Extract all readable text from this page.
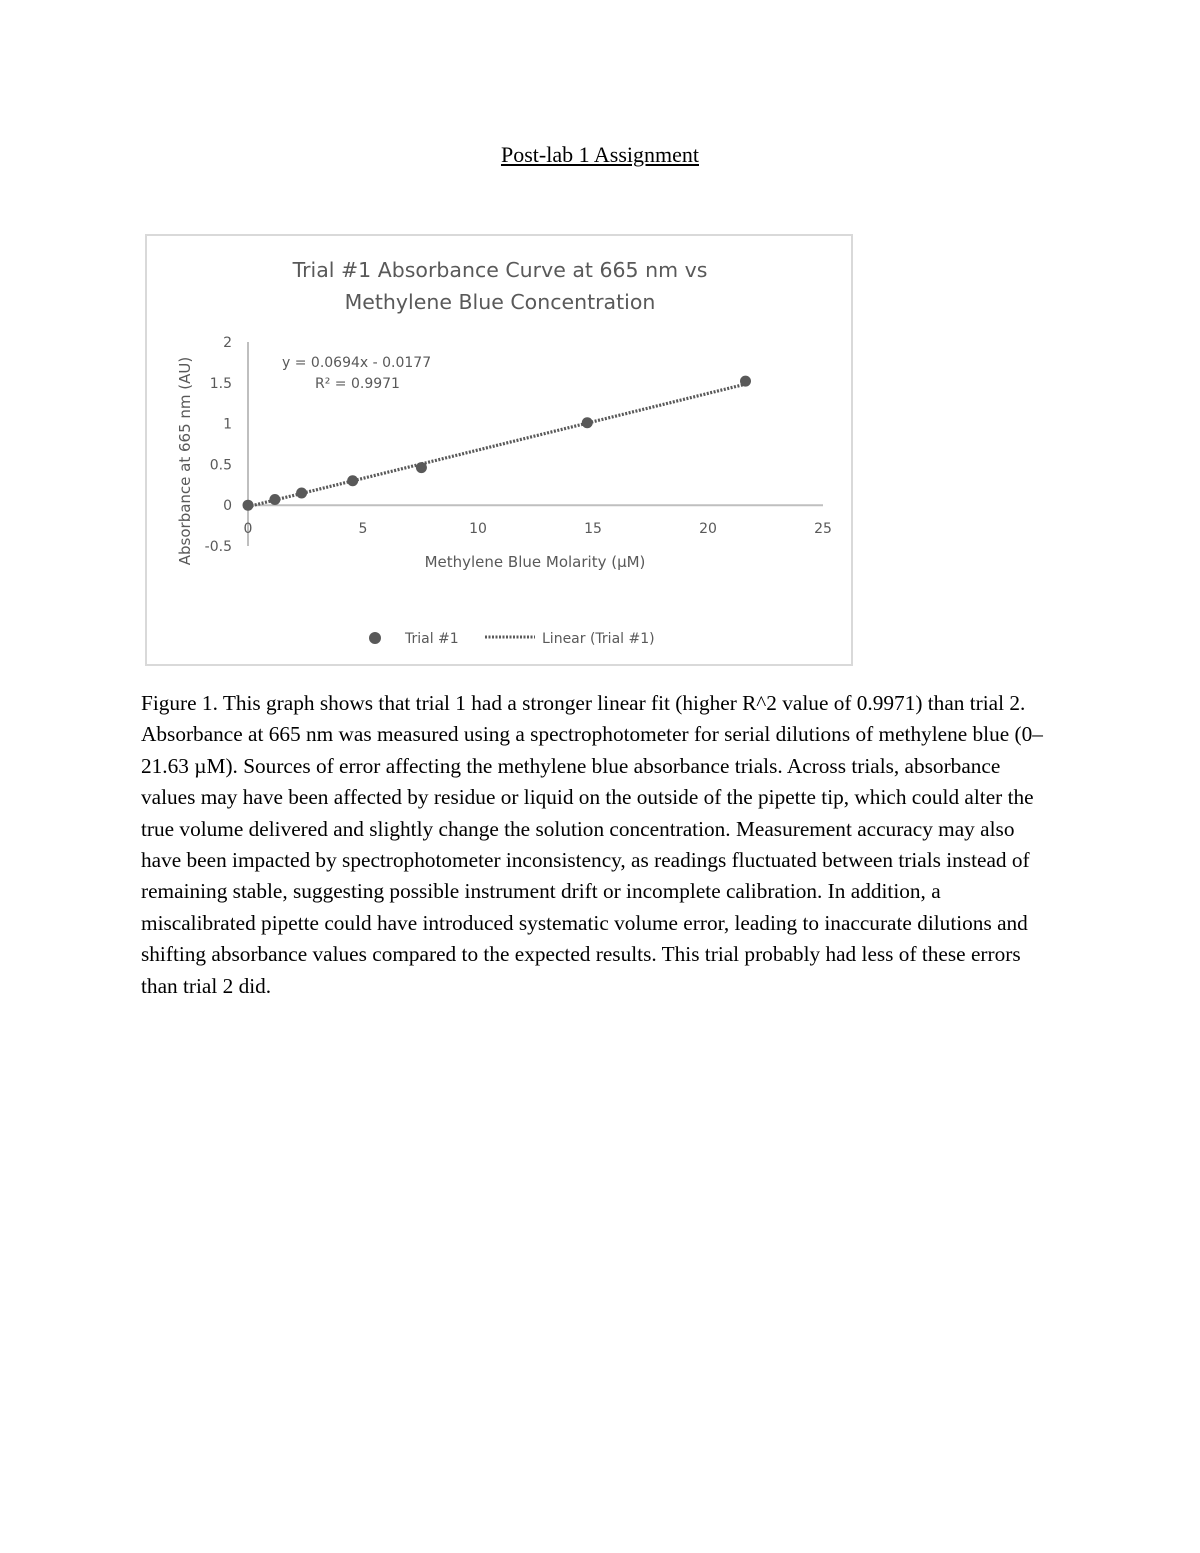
Post-lab 1 Assignment
Trial #1 Absorbance Curve at 665 nm vs
Methylene Blue Concentration
0	5	10	15	20	25
-0.5
0
0.5
1
1.5
2
y = 0.0694x - 0.0177
R² = 0.9971
Methylene Blue Molarity (µM)
Absorbance at 665 nm (AU)
Trial #1	Linear (Trial #1)

Figure 1. This graph shows that trial 1 had a stronger linear fit (higher R^2 value of 0.9971) than trial 2. Absorbance at 665 nm was measured using a spectrophotometer for serial dilutions of methylene blue (0–21.63 µM). Sources of error affecting the methylene blue absorbance trials. Across trials, absorbance values may have been affected by residue or liquid on the outside of the pipette tip, which could alter the true volume delivered and slightly change the solution concentration. Measurement accuracy may also have been impacted by spectrophotometer inconsistency, as readings fluctuated between trials instead of remaining stable, suggesting possible instrument drift or incomplete calibration. In addition, a miscalibrated pipette could have introduced systematic volume error, leading to inaccurate dilutions and shifting absorbance values compared to the expected results. This trial probably had less of these errors than trial 2 did.
